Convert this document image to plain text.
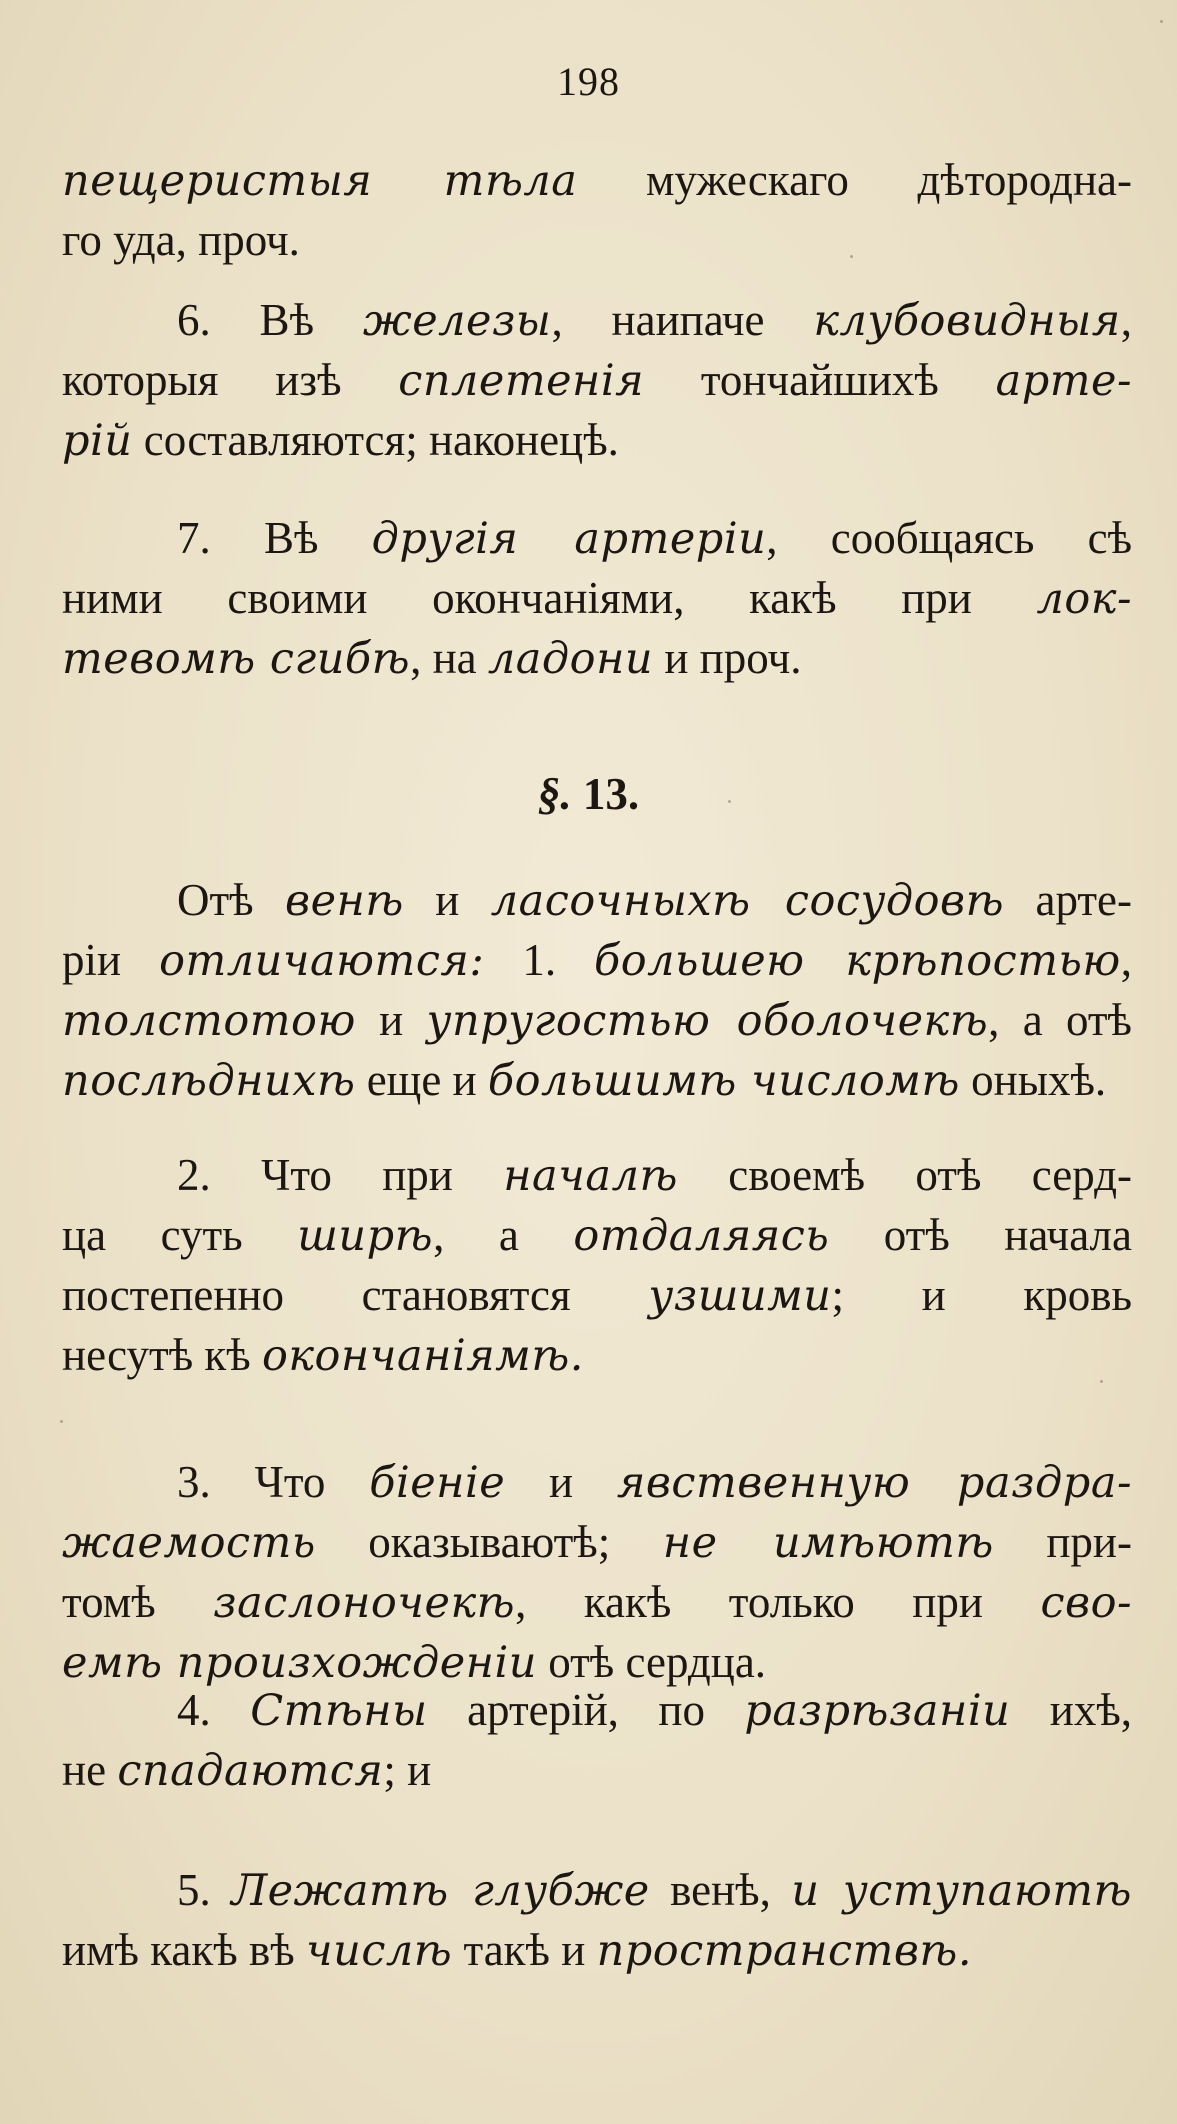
198
пещеристыя тѣла мужескаго дѣтороднa-
го уда, проч.
6. Вѣ железы, наипаче клубовидныя,
которыя изѣ сплетенія тончайшихѣ арте-
рій составляются; наконецѣ.
7. Вѣ другія артеріи, сообщаясь сѣ
ними своими окончаніями, какѣ при лок-
тевомѣ сгибѣ, на ладони и проч.
§. 13.
Отѣ венѣ и ласочныхѣ сосудовѣ арте-
ріи отличаются: 1. большею крѣпостью,
толстотою и упругостью оболочекѣ, а отѣ
послѣднихѣ еще и большимѣ числомѣ оныхѣ.
2. Что при началѣ своемѣ отѣ серд-
ца суть ширѣ, а отдаляясь отѣ начала
постепенно становятся узшими; и кровь
несутѣ кѣ окончаніямѣ.
3. Что біеніе и явственную раздра-
жаемость оказываютѣ; не имѣютѣ при-
томѣ заслоночекѣ, какѣ только при сво-
емѣ произхожденіи отѣ сердца.
4. Стѣны артерій, по разрѣзаніи ихѣ,
не спадаются; и
5. Лежатѣ глубже венѣ, и уступаютѣ
имѣ какѣ вѣ числѣ такѣ и пространствѣ.
